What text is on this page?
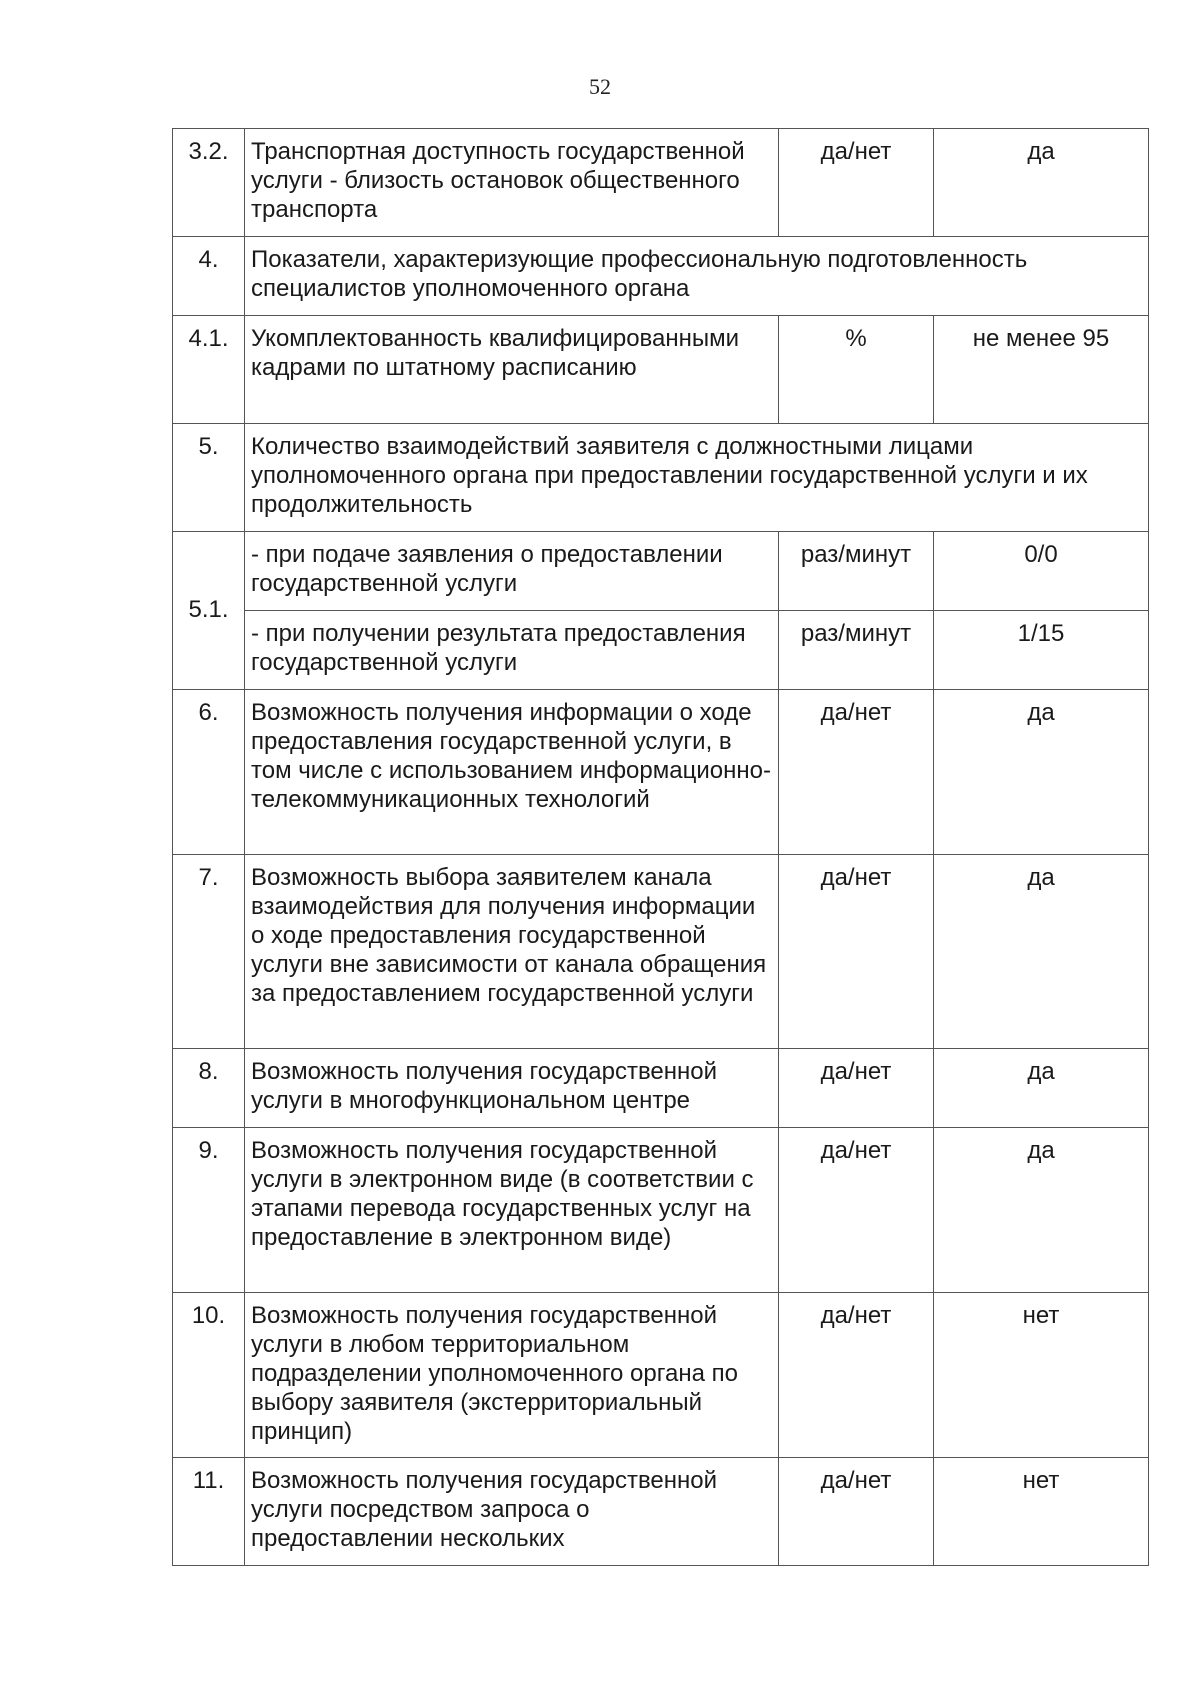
52
3.2.	Транспортная доступность государственной услуги - близость остановок общественного транспорта	да/нет	да
4.	Показатели, характеризующие профессиональную подготовленность специалистов уполномоченного органа		
4.1.	Укомплектованность квалифицированными кадрами по штатному расписанию	%	не менее 95
5.	Количество взаимодействий заявителя с должностными лицами уполномоченного органа при предоставлении государственной услуги и их продолжительность		
5.1.	- при подаче заявления о предоставлении государственной услуги	раз/минут	0/0
	- при получении результата предоставления государственной услуги	раз/минут	1/15
6.	Возможность получения информации о ходе предоставления государственной услуги, в том числе с использованием информационно-телекоммуникационных технологий	да/нет	да
7.	Возможность выбора заявителем канала взаимодействия для получения информации о ходе предоставления государственной услуги вне зависимости от канала обращения за предоставлением государственной услуги	да/нет	да
8.	Возможность получения государственной услуги в многофункциональном центре	да/нет	да
9.	Возможность получения государственной услуги в электронном виде (в соответствии с этапами перевода государственных услуг на предоставление в электронном виде)	да/нет	да
10.	Возможность получения государственной услуги в любом территориальном подразделении уполномоченного органа по выбору заявителя (экстерриториальный принцип)	да/нет	нет
11.	Возможность получения государственной услуги посредством запроса о предоставлении нескольких	да/нет	нет
